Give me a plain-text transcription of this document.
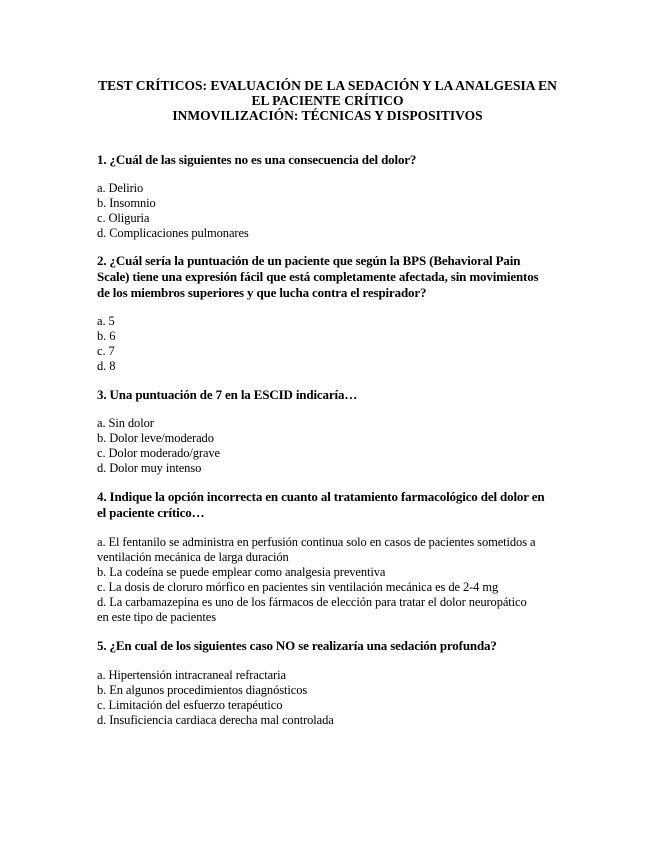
TEST CRÍTICOS: EVALUACIÓN DE LA SEDACIÓN Y LA ANALGESIA EN
EL PACIENTE CRÍTICO
INMOVILIZACIÓN: TÉCNICAS Y DISPOSITIVOS
1. ¿Cuál de las siguientes no es una consecuencia del dolor?
a. Delirio
b. Insomnio
c. Oliguria
d. Complicaciones pulmonares
2. ¿Cuál sería la puntuación de un paciente que según la BPS (Behavioral Pain
Scale) tiene una expresión fácil que está completamente afectada, sin movimientos
de los miembros superiores y que lucha contra el respirador?
a. 5
b. 6
c. 7
d. 8
3. Una puntuación de 7 en la ESCID indicaría…
a. Sin dolor
b. Dolor leve/moderado
c. Dolor moderado/grave
d. Dolor muy intenso
4. Indique la opción incorrecta en cuanto al tratamiento farmacológico del dolor en
el paciente crítico…
a. El fentanilo se administra en perfusión continua solo en casos de pacientes sometidos a
ventilación mecánica de larga duración
b. La codeína se puede emplear como analgesia preventiva
c. La dosis de cloruro mórfico en pacientes sin ventilación mecánica es de 2-4 mg
d. La carbamazepina es uno de los fármacos de elección para tratar el dolor neuropático
en este tipo de pacientes
5. ¿En cual de los siguientes caso NO se realizaría una sedación profunda?
a. Hipertensión intracraneal refractaria
b. En algunos procedimientos diagnósticos
c. Limitación del esfuerzo terapéutico
d. Insuficiencia cardiaca derecha mal controlada
